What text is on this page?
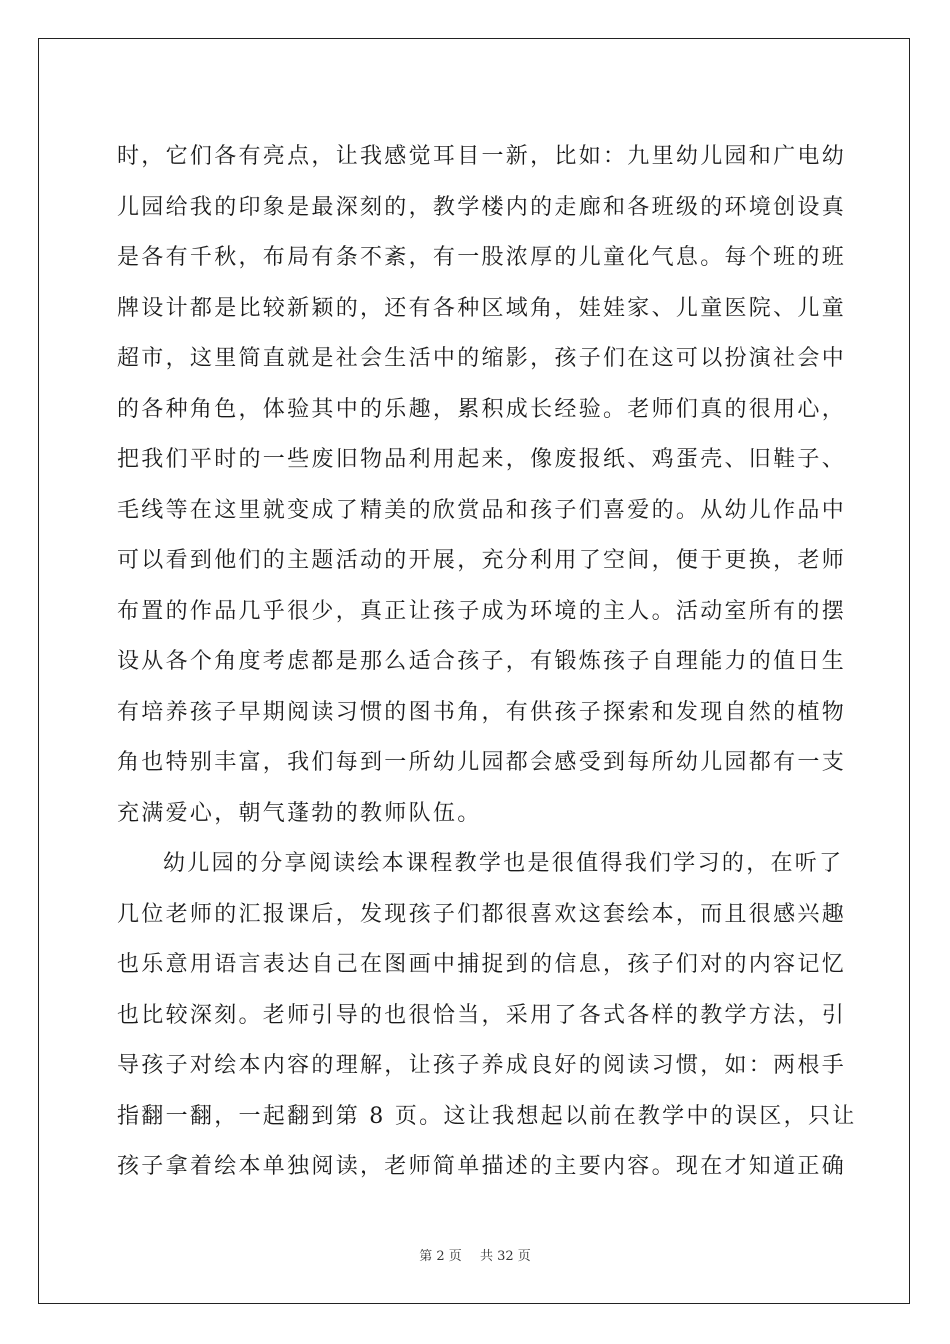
时，它们各有亮点，让我感觉耳目一新，比如：九里幼儿园和广电幼
儿园给我的印象是最深刻的，教学楼内的走廊和各班级的环境创设真
是各有千秋，布局有条不紊，有一股浓厚的儿童化气息。每个班的班
牌设计都是比较新颖的，还有各种区域角，娃娃家、儿童医院、儿童
超市，这里简直就是社会生活中的缩影，孩子们在这可以扮演社会中
的各种角色，体验其中的乐趣，累积成长经验。老师们真的很用心，
把我们平时的一些废旧物品利用起来，像废报纸、鸡蛋壳、旧鞋子、
毛线等在这里就变成了精美的欣赏品和孩子们喜爱的。从幼儿作品中
可以看到他们的主题活动的开展，充分利用了空间，便于更换，老师
布置的作品几乎很少，真正让孩子成为环境的主人。活动室所有的摆
设从各个角度考虑都是那么适合孩子，有锻炼孩子自理能力的值日生
有培养孩子早期阅读习惯的图书角，有供孩子探索和发现自然的植物
角也特别丰富，我们每到一所幼儿园都会感受到每所幼儿园都有一支
充满爱心，朝气蓬勃的教师队伍。
幼儿园的分享阅读绘本课程教学也是很值得我们学习的，在听了
几位老师的汇报课后，发现孩子们都很喜欢这套绘本，而且很感兴趣
也乐意用语言表达自己在图画中捕捉到的信息，孩子们对的内容记忆
也比较深刻。老师引导的也很恰当，采用了各式各样的教学方法，引
导孩子对绘本内容的理解，让孩子养成良好的阅读习惯，如：两根手
指翻一翻，一起翻到第 8 页。这让我想起以前在教学中的误区，只让
孩子拿着绘本单独阅读，老师简单描述的主要内容。现在才知道正确
第 2 页 共 32 页
